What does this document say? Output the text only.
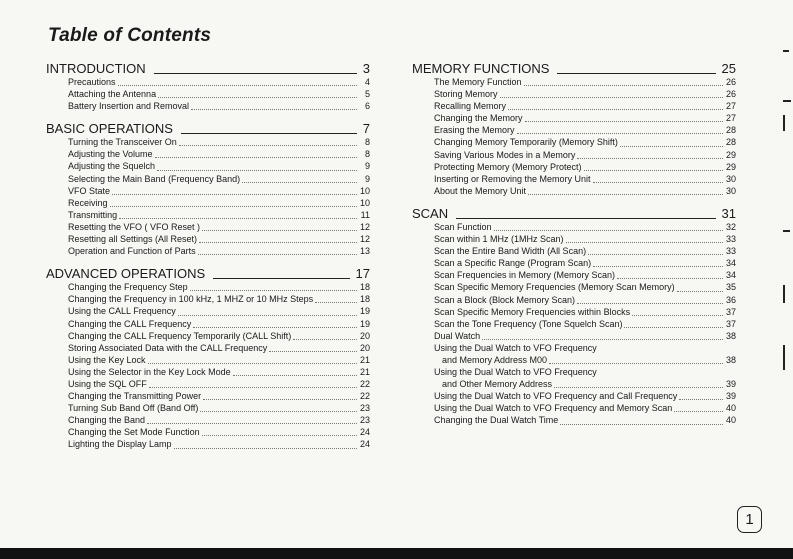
Table of Contents
INTRODUCTION	3
Precautions	4
Attaching the Antenna	5
Battery Insertion and Removal	6
BASIC OPERATIONS	7
Turning the Transceiver On	8
Adjusting the Volume	8
Adjusting the Squelch	9
Selecting the Main Band (Frequency Band)	9
VFO State	10
Receiving	10
Transmitting	11
Resetting the VFO ( VFO Reset )	12
Resetting all Settings (All Reset)	12
Operation and Function of Parts	13
ADVANCED OPERATIONS	17
Changing the Frequency Step	18
Changing the Frequency in 100 kHz, 1 MHZ or 10 MHz Steps	18
Using the CALL Frequency	19
Changing the CALL Frequency	19
Changing the CALL Frequency Temporarily (CALL Shift)	20
Storing Associated Data with the CALL Frequency	20
Using the Key Lock	21
Using the Selector in the Key Lock Mode	21
Using the SQL OFF	22
Changing the Transmitting Power	22
Turning Sub Band Off (Band Off)	23
Changing the Band	23
Changing the Set Mode Function	24
Lighting the Display Lamp	24
MEMORY FUNCTIONS	25
The Memory Function	26
Storing Memory	26
Recalling Memory	27
Changing the Memory	27
Erasing the Memory	28
Changing Memory Temporarily (Memory Shift)	28
Saving Various Modes in a Memory	29
Protecting Memory (Memory Protect)	29
Inserting or Removing the Memory Unit	30
About the Memory Unit	30
SCAN	31
Scan Function	32
Scan within 1 MHz (1MHz Scan)	33
Scan the Entire Band Width (All Scan)	33
Scan a Specific Range (Program Scan)	34
Scan Frequencies in Memory (Memory Scan)	34
Scan Specific Memory Frequencies (Memory Scan Memory)	35
Scan a Block (Block Memory Scan)	36
Scan Specific Memory Frequencies within Blocks	37
Scan the Tone Frequency (Tone Squelch Scan)	37
Dual Watch	38
Using the Dual Watch to VFO Frequency
and Memory Address M00	38
Using the Dual Watch to VFO Frequency
and Other Memory Address	39
Using the Dual Watch to VFO Frequency and Call Frequency	39
Using the Dual Watch to VFO Frequency and Memory Scan	40
Changing the Dual Watch Time	40
1
